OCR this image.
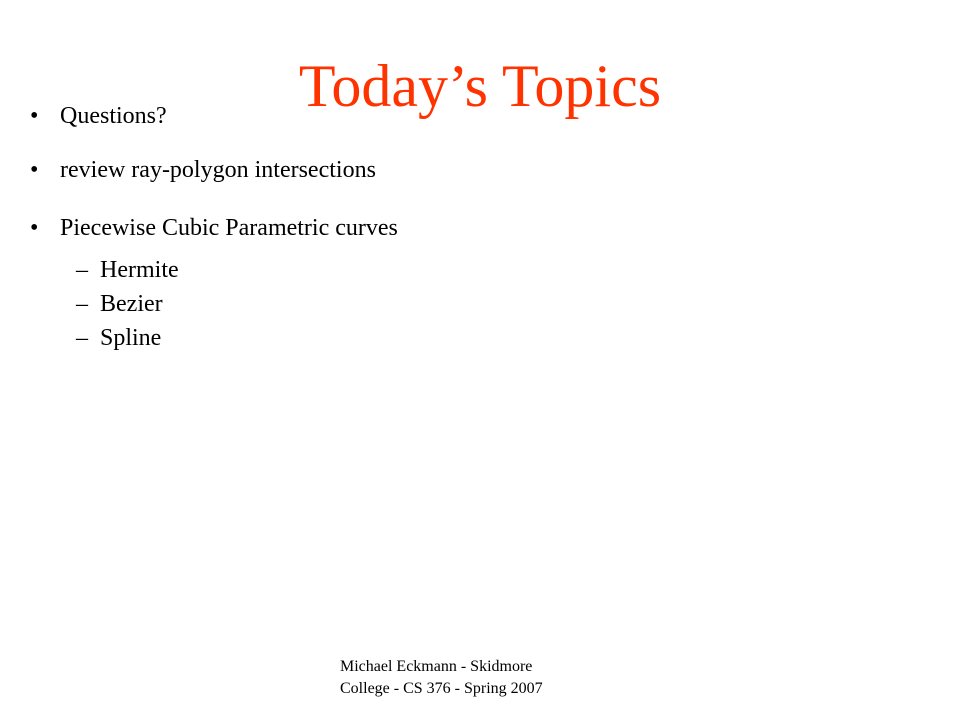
Today’s Topics
• Questions?
• review ray-polygon intersections
• Piecewise Cubic Parametric curves
– Hermite
– Bezier
– Spline
Michael Eckmann - Skidmore
College - CS 376 - Spring 2007
